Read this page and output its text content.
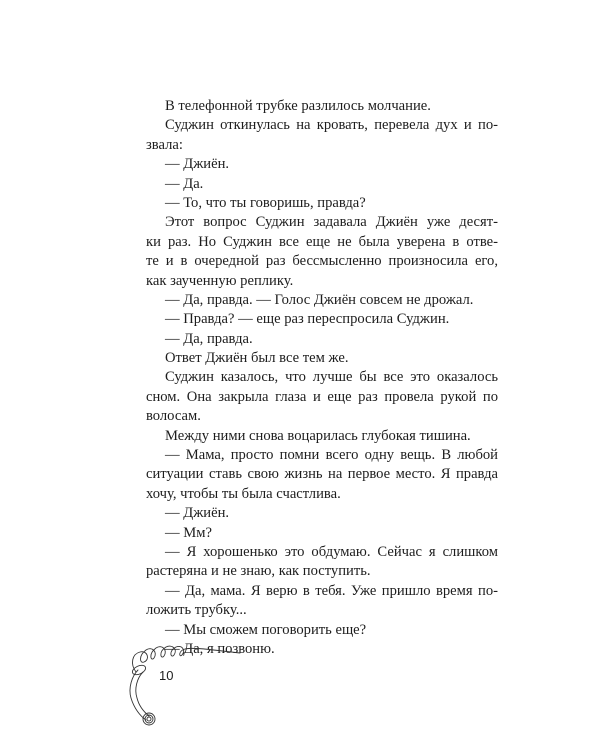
В телефонной трубке разлилось молчание.
Суджин откинулась на кровать, перевела дух и по-
звала:
— Джиён.
— Да.
— То, что ты говоришь, правда?
Этот вопрос Суджин задавала Джиён уже десят-
ки раз. Но Суджин все еще не была уверена в отве-
те и в очередной раз бессмысленно произносила его,
как заученную реплику.
— Да, правда. — Голос Джиён совсем не дрожал.
— Правда? — еще раз переспросила Суджин.
— Да, правда.
Ответ Джиён был все тем же.
Суджин казалось, что лучше бы все это оказалось
сном. Она закрыла глаза и еще раз провела рукой по
волосам.
Между ними снова воцарилась глубокая тишина.
— Мама, просто помни всего одну вещь. В любой
ситуации ставь свою жизнь на первое место. Я правда
хочу, чтобы ты была счастлива.
— Джиён.
— Мм?
— Я хорошенько это обдумаю. Сейчас я слишком
растеряна и не знаю, как поступить.
— Да, мама. Я верю в тебя. Уже пришло время по-
ложить трубку...
— Мы сможем поговорить еще?
— Да, я позвоню.
10
